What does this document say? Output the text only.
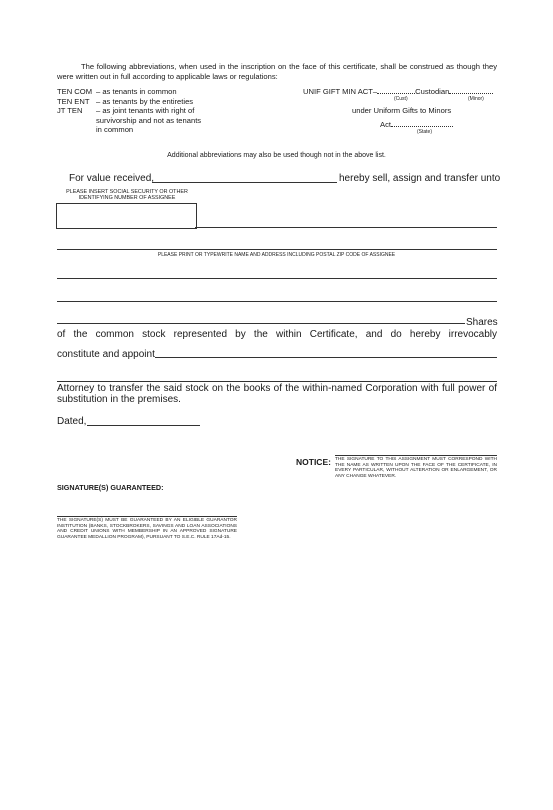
The following abbreviations, when used in the inscription on the face of this certificate, shall be construed as though they were written out in full according to applicable laws or regulations:
TEN COM – as tenants in common
TEN ENT – as tenants by the entireties
JT TEN – as joint tenants with right of survivorship and not as tenants in common
UNIF GIFT MIN ACT–	Custodian
(Cust)	(Minor)
under Uniform Gifts to Minors
Act
(State)
Additional abbreviations may also be used though not in the above list.
For value received,	hereby sell, assign and transfer unto
PLEASE INSERT SOCIAL SECURITY OR OTHER IDENTIFYING NUMBER OF ASSIGNEE
PLEASE PRINT OR TYPEWRITE NAME AND ADDRESS INCLUDING POSTAL ZIP CODE OF ASSIGNEE
Shares
of the common stock represented by the within Certificate, and do hereby irrevocably
constitute and appoint
Attorney to transfer the said stock on the books of the within-named Corporation with full power of substitution in the premises.
Dated,
NOTICE: THE SIGNATURE TO THIS ASSIGNMENT MUST CORRESPOND WITH THE NAME AS WRITTEN UPON THE FACE OF THE CERTIFICATE, IN EVERY PARTICULAR, WITHOUT ALTERATION OR ENLARGEMENT, OR ANY CHANGE WHATEVER.
SIGNATURE(S) GUARANTEED:
THE SIGNATURE(S) MUST BE GUARANTEED BY AN ELIGIBLE GUARANTOR INSTITUTION (BANKS, STOCKBROKERS, SAVINGS AND LOAN ASSOCIATIONS AND CREDIT UNIONS WITH MEMBERSHIP IN AN APPROVED SIGNATURE GUARANTEE MEDALLION PROGRAM), PURSUANT TO S.E.C. RULE 17Ad-15.
